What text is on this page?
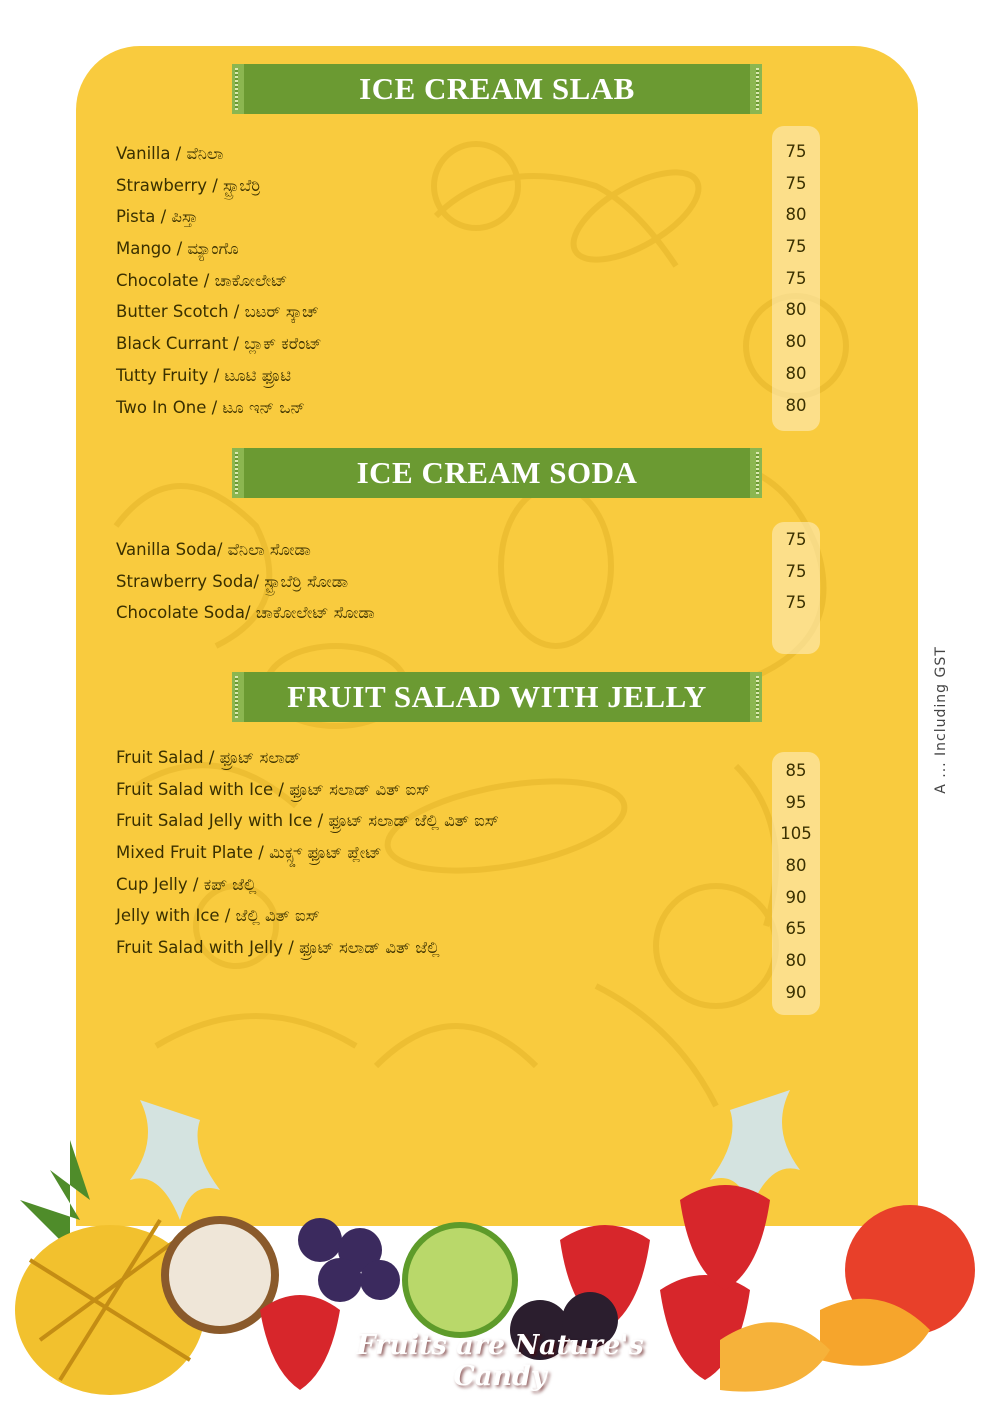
ICE CREAM SLAB
Vanilla / ವೆನಿಲಾ
Strawberry / ಸ್ಟ್ರಾಬೆರ್ರಿ
Pista / ಪಿಸ್ತಾ
Mango / ಮ್ಯಾಂಗೊ
Chocolate / ಚಾಕೋಲೇಟ್
Butter Scotch / ಬಟರ್ ಸ್ಕಾಚ್
Black Currant / ಬ್ಲಾಕ್ ಕರೆಂಟ್
Tutty Fruity / ಟೂಟಿ ಫ್ರೂಟಿ
Two In One / ಟೂ ಇನ್ ಒನ್
75
75
80
75
75
80
80
80
80
ICE CREAM SODA
Vanilla Soda/ ವೆನಿಲಾ ಸೋಡಾ
Strawberry Soda/ ಸ್ಟ್ರಾಬೆರ್ರಿ ಸೋಡಾ
Chocolate Soda/ ಚಾಕೋಲೇಟ್ ಸೋಡಾ
75
75
75
FRUIT SALAD WITH JELLY
Fruit Salad / ಫ್ರೂಟ್ ಸಲಾಡ್
Fruit Salad with Ice / ಫ್ರೂಟ್ ಸಲಾಡ್ ವಿತ್ ಐಸ್
Fruit Salad Jelly with Ice / ಫ್ರೂಟ್ ಸಲಾಡ್ ಜೆಲ್ಲಿ ವಿತ್ ಐಸ್
Mixed Fruit Plate / ಮಿಕ್ಸ್ಡ್ ಫ್ರೂಟ್ ಪ್ಲೇಟ್
Cup Jelly / ಕಪ್ ಜೆಲ್ಲಿ
Jelly with Ice / ಜೆಲ್ಲಿ ವಿತ್ ಐಸ್
Fruit Salad with Jelly / ಫ್ರೂಟ್ ಸಲಾಡ್ ವಿತ್ ಜೆಲ್ಲಿ
85
95
105
80
90
65
80
90
A ... Including GST
Fruits are Nature's Candy
